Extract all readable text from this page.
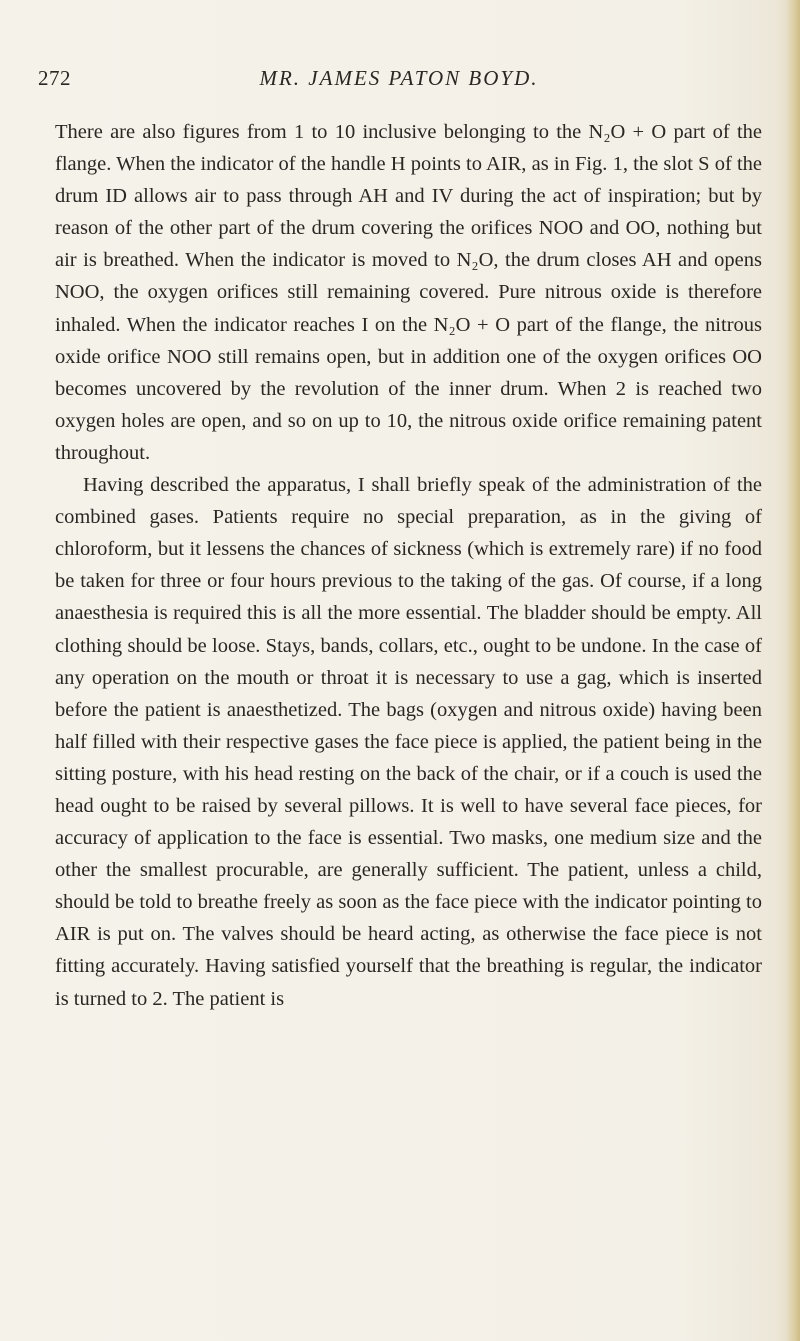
272	MR. JAMES PATON BOYD.

There are also figures from 1 to 10 inclusive belonging to the N₂O + O part of the flange. When the indicator of the handle H points to AIR, as in Fig. 1, the slot S of the drum ID allows air to pass through AH and IV during the act of inspiration; but by reason of the other part of the drum covering the orifices NOO and OO, nothing but air is breathed. When the indicator is moved to N₂O, the drum closes AH and opens NOO, the oxygen orifices still remaining covered. Pure nitrous oxide is therefore inhaled. When the indicator reaches I on the N₂O + O part of the flange, the nitrous oxide orifice NOO still remains open, but in addition one of the oxygen orifices OO becomes uncovered by the revolution of the inner drum. When 2 is reached two oxygen holes are open, and so on up to 10, the nitrous oxide orifice remaining patent throughout.

Having described the apparatus, I shall briefly speak of the administration of the combined gases. Patients require no special preparation, as in the giving of chloroform, but it lessens the chances of sickness (which is extremely rare) if no food be taken for three or four hours previous to the taking of the gas. Of course, if a long anaesthesia is required this is all the more essential. The bladder should be empty. All clothing should be loose. Stays, bands, collars, etc., ought to be undone. In the case of any operation on the mouth or throat it is necessary to use a gag, which is inserted before the patient is anaesthetized. The bags (oxygen and nitrous oxide) having been half filled with their respective gases the face piece is applied, the patient being in the sitting posture, with his head resting on the back of the chair, or if a couch is used the head ought to be raised by several pillows. It is well to have several face pieces, for accuracy of application to the face is essential. Two masks, one medium size and the other the smallest procurable, are generally sufficient. The patient, unless a child, should be told to breathe freely as soon as the face piece with the indicator pointing to AIR is put on. The valves should be heard acting, as otherwise the face piece is not fitting accurately. Having satisfied yourself that the breathing is regular, the indicator is turned to 2. The patient is
